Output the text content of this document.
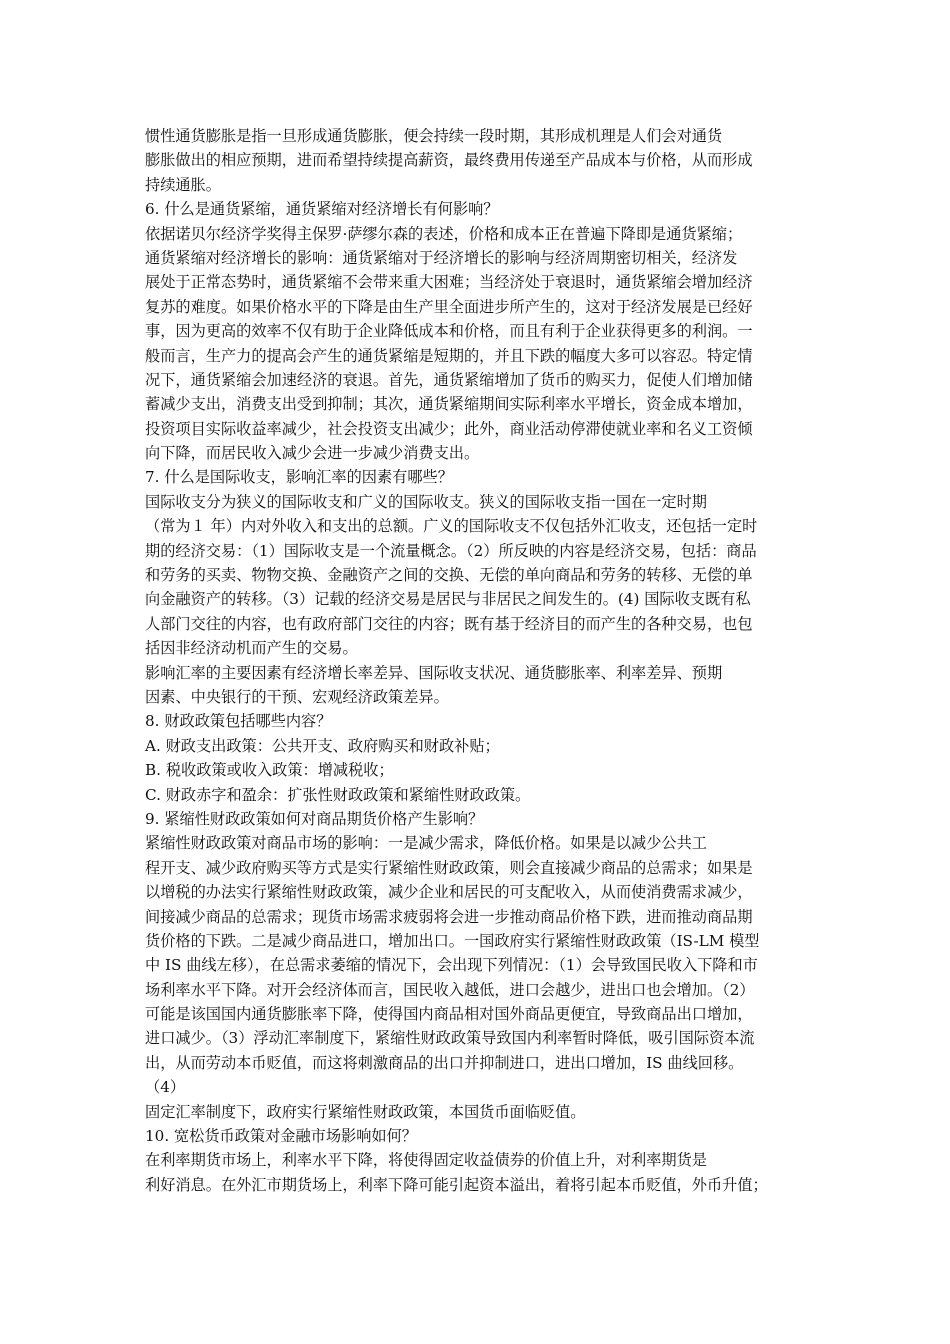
惯性通货膨胀是指一旦形成通货膨胀，便会持续一段时期，其形成机理是人们会对通货
膨胀做出的相应预期，进而希望持续提高薪资，最终费用传递至产品成本与价格，从而形成
持续通胀。
6. 什么是通货紧缩，通货紧缩对经济增长有何影响？
依据诺贝尔经济学奖得主保罗·萨缪尔森的表述，价格和成本正在普遍下降即是通货紧缩；
通货紧缩对经济增长的影响：通货紧缩对于经济增长的影响与经济周期密切相关，经济发
展处于正常态势时，通货紧缩不会带来重大困难；当经济处于衰退时，通货紧缩会增加经济
复苏的难度。如果价格水平的下降是由生产里全面进步所产生的，这对于经济发展是已经好
事，因为更高的效率不仅有助于企业降低成本和价格，而且有利于企业获得更多的利润。一
般而言，生产力的提高会产生的通货紧缩是短期的，并且下跌的幅度大多可以容忍。特定情
况下，通货紧缩会加速经济的衰退。首先，通货紧缩增加了货币的购买力，促使人们增加储
蓄减少支出，消费支出受到抑制；其次，通货紧缩期间实际利率水平增长，资金成本增加，
投资项目实际收益率减少，社会投资支出减少；此外，商业活动停滞使就业率和名义工资倾
向下降，而居民收入减少会进一步减少消费支出。
7. 什么是国际收支，影响汇率的因素有哪些？
国际收支分为狭义的国际收支和广义的国际收支。狭义的国际收支指一国在一定时期
（常为１ 年）内对外收入和支出的总额。广义的国际收支不仅包括外汇收支，还包括一定时
期的经济交易：（1）国际收支是一个流量概念。（2）所反映的内容是经济交易，包括：商品
和劳务的买卖、物物交换、金融资产之间的交换、无偿的单向商品和劳务的转移、无偿的单
向金融资产的转移。（3）记载的经济交易是居民与非居民之间发生的。(4) 国际收支既有私
人部门交往的内容，也有政府部门交往的内容；既有基于经济目的而产生的各种交易，也包
括因非经济动机而产生的交易。
影响汇率的主要因素有经济增长率差异、国际收支状况、通货膨胀率、利率差异、预期
因素、中央银行的干预、宏观经济政策差异。
8. 财政政策包括哪些内容？
A. 财政支出政策：公共开支、政府购买和财政补贴；
B. 税收政策或收入政策：增减税收；
C. 财政赤字和盈余：扩张性财政政策和紧缩性财政政策。
9. 紧缩性财政政策如何对商品期货价格产生影响？
紧缩性财政政策对商品市场的影响：一是减少需求，降低价格。如果是以减少公共工
程开支、减少政府购买等方式是实行紧缩性财政政策，则会直接减少商品的总需求；如果是
以增税的办法实行紧缩性财政政策，减少企业和居民的可支配收入，从而使消费需求减少，
间接减少商品的总需求；现货市场需求疲弱将会进一步推动商品价格下跌，进而推动商品期
货价格的下跌。二是减少商品进口，增加出口。一国政府实行紧缩性财政政策（IS-LM 模型
中 IS 曲线左移），在总需求萎缩的情况下，会出现下列情况：（1）会导致国民收入下降和市
场利率水平下降。对开会经济体而言，国民收入越低，进口会越少，进出口也会增加。（2）
可能是该国国内通货膨胀率下降，使得国内商品相对国外商品更便宜，导致商品出口增加，
进口减少。（3）浮动汇率制度下，紧缩性财政政策导致国内利率暂时降低，吸引国际资本流
出，从而劳动本币贬值，而这将刺激商品的出口并抑制进口，进出口增加，IS 曲线回移。
（4）
固定汇率制度下，政府实行紧缩性财政政策，本国货币面临贬值。
10. 宽松货币政策对金融市场影响如何？
在利率期货市场上，利率水平下降，将使得固定收益债券的价值上升，对利率期货是
利好消息。在外汇市期货场上，利率下降可能引起资本溢出，着将引起本币贬值，外币升值；
